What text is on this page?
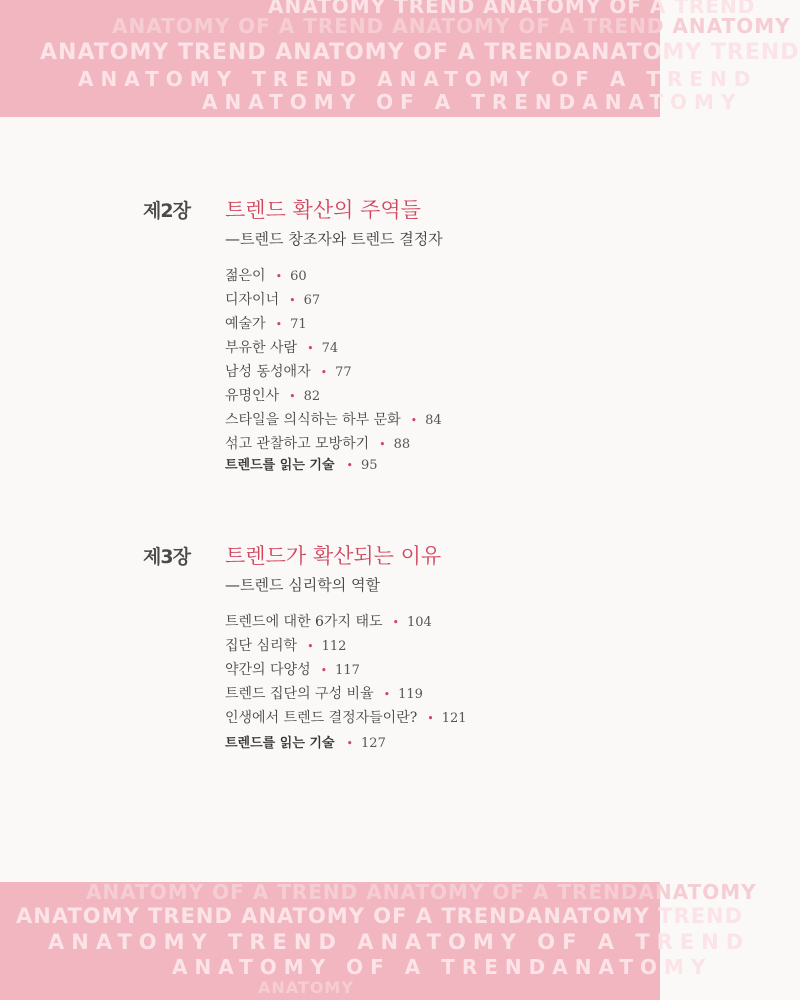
ANATOMY TREND ANATOMY OF A TREND
ANATOMY OF A TREND ANATOMY OF A TREND ANATOMY
ANATOMY TREND ANATOMY OF A TRENDANATOMY TREND
ANATOMY TREND ANATOMY OF A TREND
ANATOMY OF A TRENDANATOMY
제2장 트렌드 확산의 주역들
—트렌드 창조자와 트렌드 결정자
젊은이 • 60
디자이너 • 67
예술가 • 71
부유한 사람 • 74
남성 동성애자 • 77
유명인사 • 82
스타일을 의식하는 하부 문화 • 84
섞고 관찰하고 모방하기 • 88
트렌드를 읽는 기술 • 95
제3장 트렌드가 확산되는 이유
—트렌드 심리학의 역할
트렌드에 대한 6가지 태도 • 104
집단 심리학 • 112
약간의 다양성 • 117
트렌드 집단의 구성 비율 • 119
인생에서 트렌드 결정자들이란? • 121
트렌드를 읽는 기술 • 127
ANATOMY OF A TREND ANATOMY OF A TRENDANATOMY
ANATOMY TREND ANATOMY OF A TRENDANATOMY TREND
ANATOMY TREND ANATOMY OF A TREND
ANATOMY OF A TRENDANATOMY
ANATOMY
